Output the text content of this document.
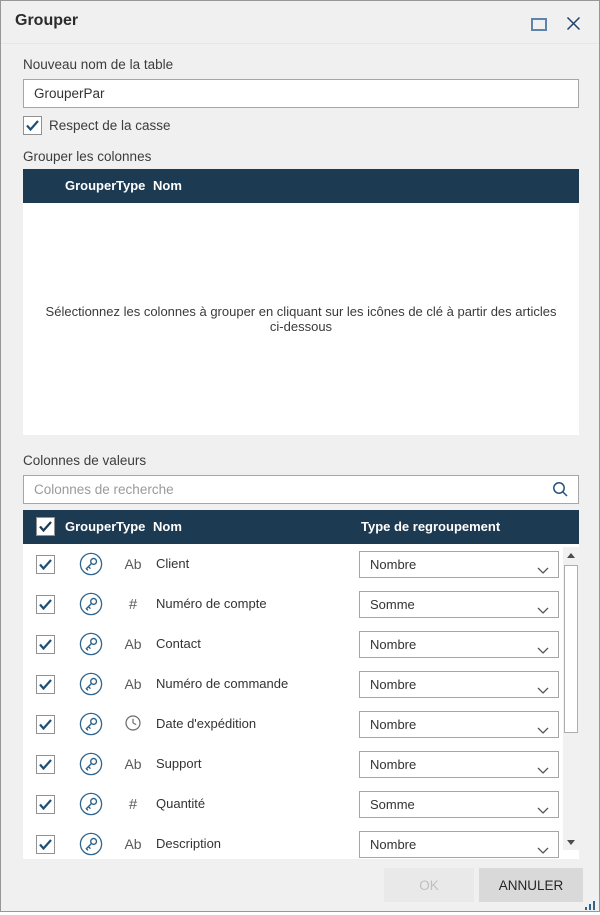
Grouper
Nouveau nom de la table
GrouperPar
Respect de la casse
Grouper les colonnes
Grouper Type Nom
Sélectionnez les colonnes à grouper en cliquant sur les icônes de clé à partir des articles ci-dessous
Colonnes de valeurs
Colonnes de recherche
Grouper Type Nom	Type de regroupement
Ab Client	Nombre
# Numéro de compte	Somme
Ab Contact	Nombre
Ab Numéro de commande	Nombre
Date d'expédition	Nombre
Ab Support	Nombre
# Quantité	Somme
Ab Description	Nombre
OK	ANNULER
